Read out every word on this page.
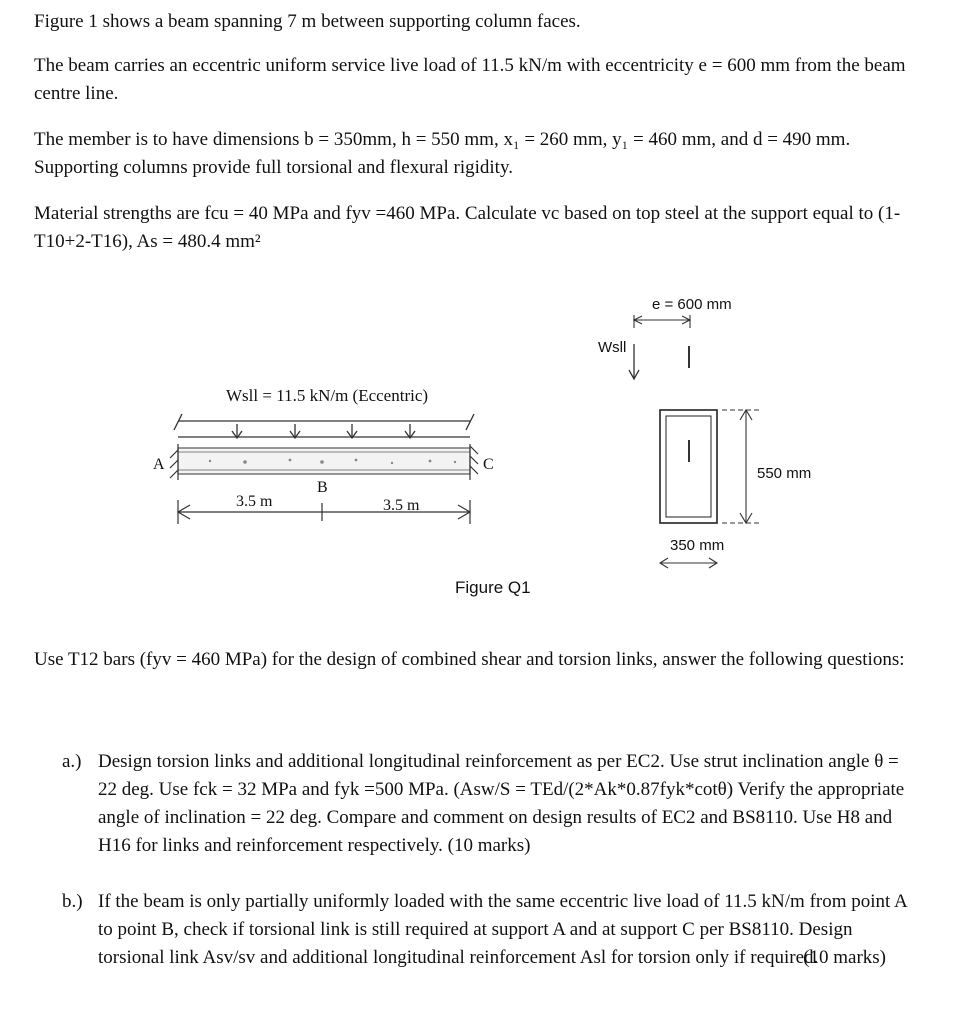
Figure 1 shows a beam spanning 7 m between supporting column faces.

The beam carries an eccentric uniform service live load of 11.5 kN/m with eccentricity e = 600 mm from the beam centre line.

The member is to have dimensions b = 350mm, h = 550 mm, x₁ = 260 mm, y₁ = 460 mm, and d = 490 mm. Supporting columns provide full torsional and flexural rigidity.

Material strengths are fcu = 40 MPa and fyv =460 MPa. Calculate vc based on top steel at the support equal to (1-T10+2-T16), As = 480.4 mm²

A	C
B
Wsll = 11.5 kN/m (Eccentric)
3.5 m	3.5 m
e = 600 mm
Wsll
550 mm
350 mm
Figure Q1

Use T12 bars (fyv = 460 MPa) for the design of combined shear and torsion links, answer the following questions:

a.) Design torsion links and additional longitudinal reinforcement as per EC2. Use strut inclination angle θ = 22 deg. Use fck = 32 MPa and fyk =500 MPa. (Asw/S = TEd/(2*Ak*0.87fyk*cotθ) Verify the appropriate angle of inclination = 22 deg. Compare and comment on design results of EC2 and BS8110. Use H8 and H16 for links and reinforcement respectively. (10 marks)
b.) If the beam is only partially uniformly loaded with the same eccentric live load of 11.5 kN/m from point A to point B, check if torsional link is still required at support A and at support C per BS8110. Design torsional link Asv/sv and additional longitudinal reinforcement Asl for torsion only if required.
(10 marks)
